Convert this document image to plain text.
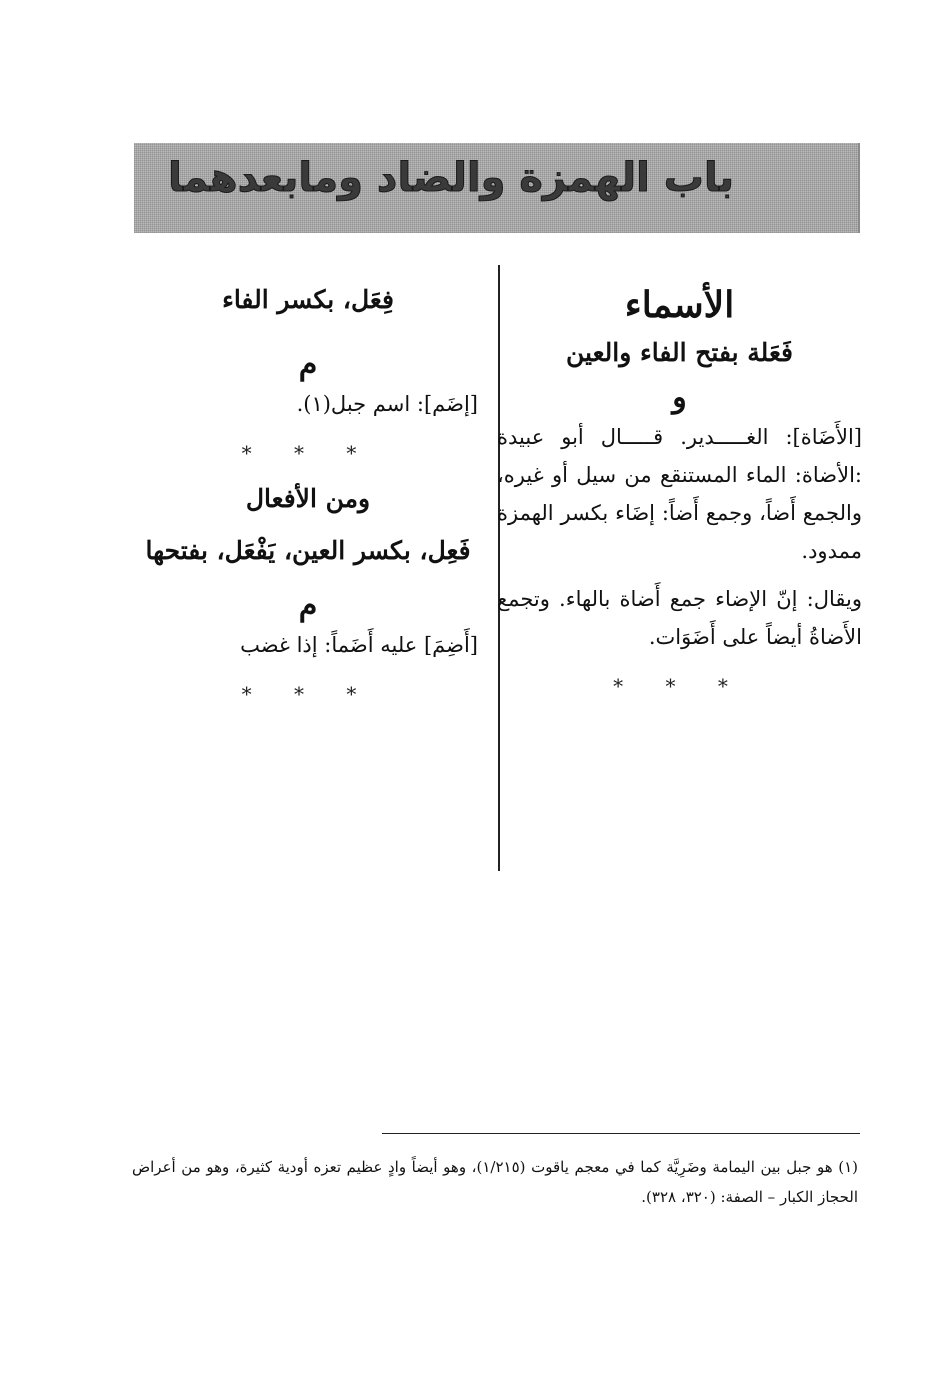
باب الهمزة والضاد ومابعدهما
الأسماء
فَعَلة بفتح الفاء والعين
و

[الأَضَاة]: الغـــــدير. قـــــال أبو عبيدة :الأضاة: الماء المستنقع من سيل أو غيره، والجمع أَضاً، وجمع أَضاً: إضَاء بكسر الهمزة ممدود.

ويقال: إنّ الإضاء جمع أَضاة بالهاء. وتجمع الأَضاةُ أيضاً على أَضَوَات.

* * *
فِعَل، بكسر الفاء
م

[إضَم]: اسم جبل(١).

* * *
ومن الأفعال
فَعِل، بكسر العين، يَفْعَل، بفتحها
م

[أَضِمَ] عليه أَضَماً: إذا غضب

* * *
(١) هو جبل بين اليمامة وضَرِيَّة كما في معجم ياقوت (١/٢١٥)، وهو أيضاً وادٍ عظيم تعزه أودية كثيرة، وهو من أعراض الحجاز الكبار – الصفة: (٣٢٠، ٣٢٨).
